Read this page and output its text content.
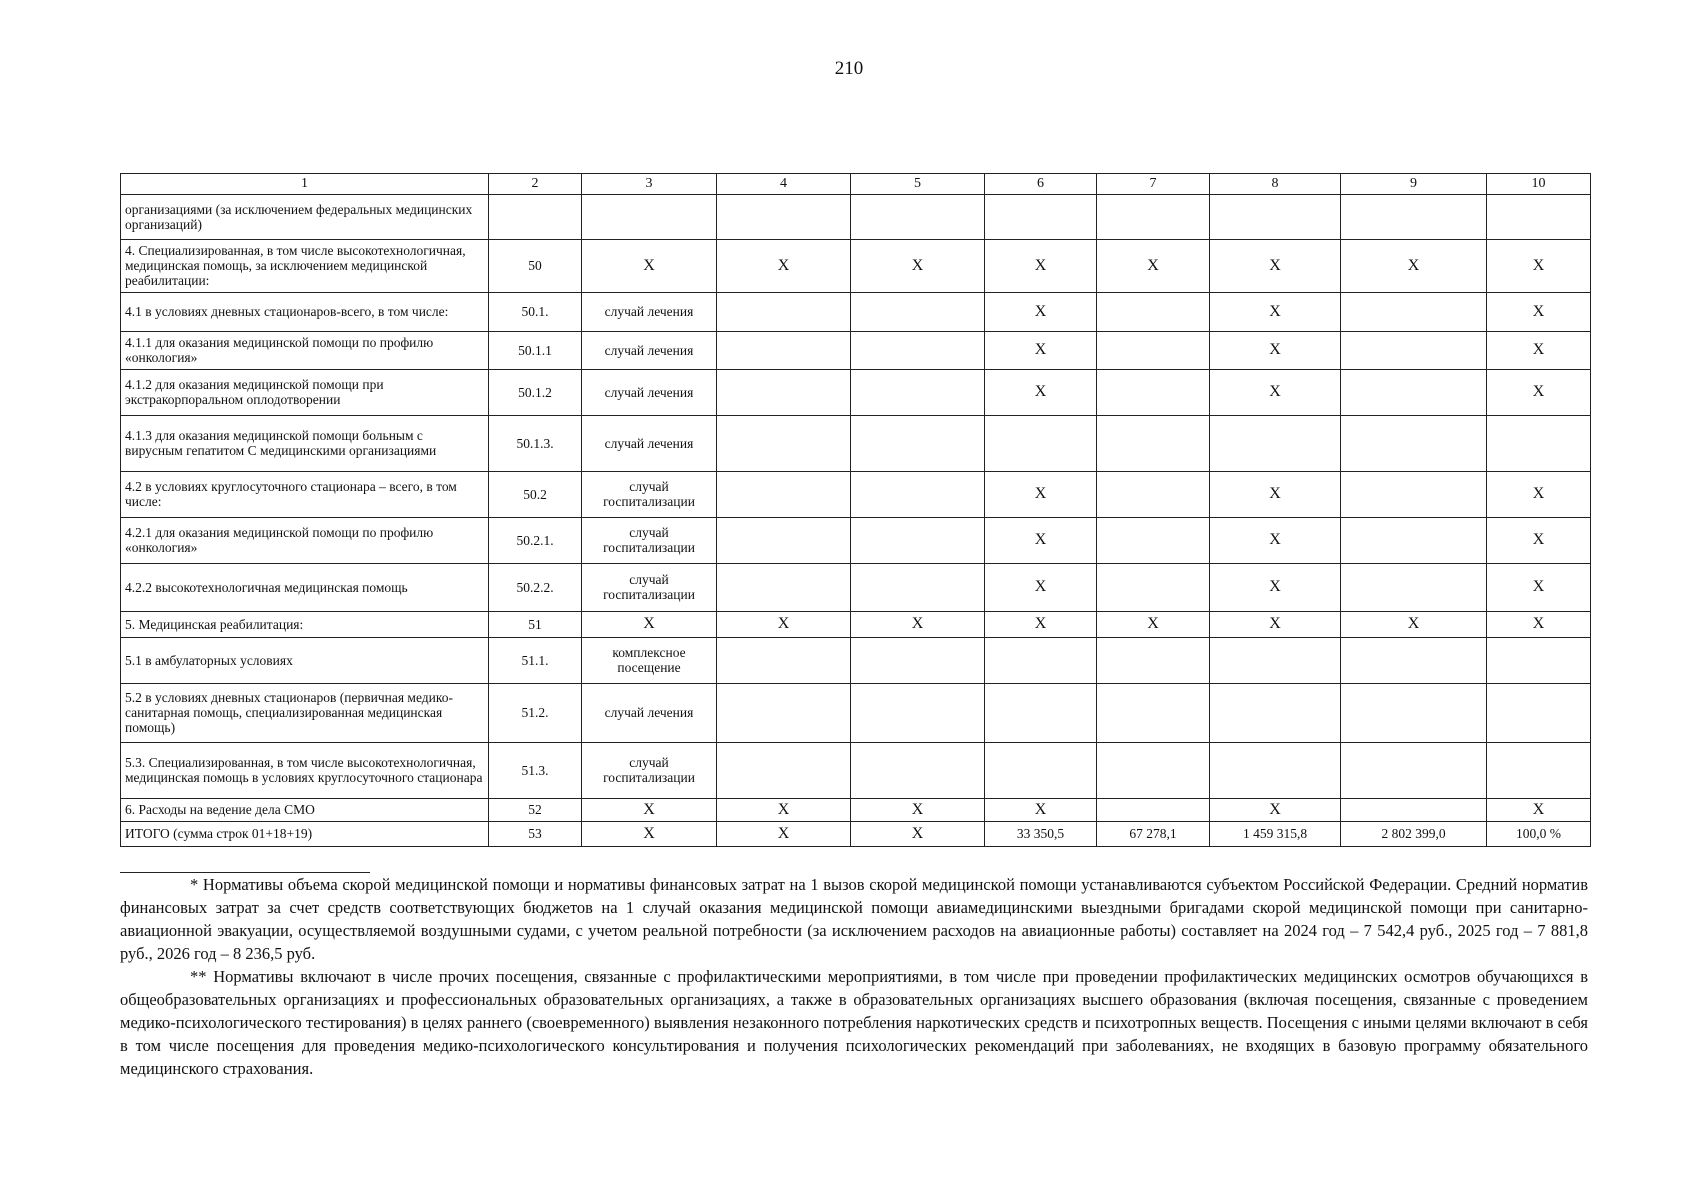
210
1	2	3	4	5	6	7	8	9	10
организациями (за исключением федеральных медицинских организаций)									
4. Специализированная, в том числе высокотехнологичная, медицинская помощь, за исключением медицинской реабилитации:	50	Х	Х	Х	Х	Х	Х	Х	Х
4.1 в условиях дневных стационаров-всего, в том числе:	50.1.	случай лечения			Х		Х		Х
4.1.1 для оказания медицинской помощи по профилю «онкология»	50.1.1	случай лечения			Х		Х		Х
4.1.2 для оказания медицинской помощи при экстракорпоральном оплодотворении	50.1.2	случай лечения			Х		Х		Х
4.1.3 для оказания медицинской помощи больным с вирусным гепатитом С медицинскими организациями	50.1.3.	случай лечения							
4.2 в условиях круглосуточного стационара – всего, в том числе:	50.2	случай госпитализации			Х		Х		Х
4.2.1 для оказания медицинской помощи по профилю «онкология»	50.2.1.	случай госпитализации			Х		Х		Х
4.2.2 высокотехнологичная медицинская помощь	50.2.2.	случай госпитализации			Х		Х		Х
5. Медицинская реабилитация:	51	Х	Х	Х	Х	Х	Х	Х	Х
5.1 в амбулаторных условиях	51.1.	комплексное посещение							
5.2 в условиях дневных стационаров (первичная медико-санитарная помощь, специализированная медицинская помощь)	51.2.	случай лечения							
5.3. Специализированная, в том числе высокотехнологичная, медицинская помощь в условиях круглосуточного стационара	51.3.	случай госпитализации							
6. Расходы на ведение дела СМО	52	Х	Х	Х	Х		Х		Х
ИТОГО (сумма строк 01+18+19)	53	Х	Х	Х	33 350,5	67 278,1	1 459 315,8	2 802 399,0	100,0 %

* Нормативы объема скорой медицинской помощи и нормативы финансовых затрат на 1 вызов скорой медицинской помощи устанавливаются субъектом Российской Федерации. Средний норматив финансовых затрат за счет средств соответствующих бюджетов на 1 случай оказания медицинской помощи авиамедицинскими выездными бригадами скорой медицинской помощи при санитарно-авиационной эвакуации, осуществляемой воздушными судами, с учетом реальной потребности (за исключением расходов на авиационные работы) составляет на 2024 год – 7 542,4 руб., 2025 год – 7 881,8 руб., 2026 год – 8 236,5 руб.

** Нормативы включают в числе прочих посещения, связанные с профилактическими мероприятиями, в том числе при проведении профилактических медицинских осмотров обучающихся в общеобразовательных организациях и профессиональных образовательных организациях, а также в образовательных организациях высшего образования (включая посещения, связанные с проведением медико-психологического тестирования) в целях раннего (своевременного) выявления незаконного потребления наркотических средств и психотропных веществ. Посещения с иными целями включают в себя в том числе посещения для проведения медико-психологического консультирования и получения психологических рекомендаций при заболеваниях, не входящих в базовую программу обязательного медицинского страхования.
